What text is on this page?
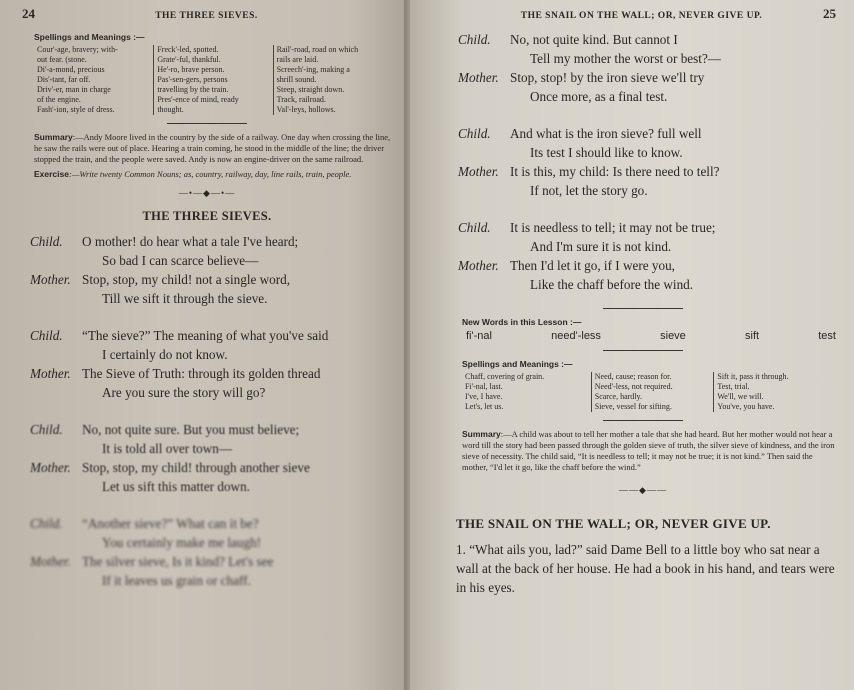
24	THE THREE SIEVES.
Spellings and Meanings :—
Cour'-age, bravery; with-
out fear. (stone.
Di'-a-mond, precious
Dis'-tant, far off.
Driv'-er, man in charge
of the engine.
Fash'-ion, style of dress.
Freck'-led, spotted.
Grate'-ful, thankful.
He'-ro, brave person.
Pas'-sen-gers, persons
travelling by the train.
Pres'-ence of mind, ready
thought.
Rail'-road, road on which
rails are laid.
Screech'-ing, making a
shrill sound.
Steep, straight down.
Track, railroad.
Val'-leys, hollows.
Summary:—Andy Moore lived in the country by the side of a railway. One day when crossing the line, he saw the rails were out of place. Hearing a train coming, he stood in the middle of the line; the driver stopped the train, and the people were saved. Andy is now an engine-driver on the same railroad.
Exercise:—Write twenty Common Nouns; as, country, railway, day, line rails, train, people.
—•—◆—•—
THE THREE SIEVES.
Child. O mother! do hear what a tale I've heard;
So bad I can scarce believe—
Mother. Stop, stop, my child! not a single word,
Till we sift it through the sieve.
Child. “The sieve?” The meaning of what you've said
I certainly do not know.
Mother. The Sieve of Truth: through its golden thread
Are you sure the story will go?
Child. No, not quite sure. But you must believe;
It is told all over town—
Mother. Stop, stop, my child! through another sieve
Let us sift this matter down.
Child. “Another sieve?” What can it be?
You certainly make me laugh!
Mother. The silver sieve, Is it kind? Let's see
If it leaves us grain or chaff.
THE SNAIL ON THE WALL; OR, NEVER GIVE UP.	25
Child. No, not quite kind. But cannot I
Tell my mother the worst or best?—
Mother. Stop, stop! by the iron sieve we'll try
Once more, as a final test.
Child. And what is the iron sieve? full well
Its test I should like to know.
Mother. It is this, my child: Is there need to tell?
If not, let the story go.
Child. It is needless to tell; it may not be true;
And I'm sure it is not kind.
Mother. Then I'd let it go, if I were you,
Like the chaff before the wind.
New Words in this Lesson :—
fi'-nal	need'-less	sieve	sift	test
Spellings and Meanings :—
Chaff, covering of grain.
Fi'-nal, last.
I've, I have.
Let's, let us.
Need, cause; reason for.
Need'-less, not required.
Scarce, hardly.
Sieve, vessel for sifting.
Sift it, pass it through.
Test, trial.
We'll, we will.
You've, you have.
Summary:—A child was about to tell her mother a tale that she had heard. But her mother would not hear a word till the story had been passed through the golden sieve of truth, the silver sieve of kindness, and the iron sieve of necessity. The child said, “It is needless to tell; it may not be true; it is not kind.” Then said the mother, “I'd let it go, like the chaff before the wind.”
——◆——
THE SNAIL ON THE WALL; OR, NEVER GIVE UP.
1. “What ails you, lad?” said Dame Bell to a little boy who sat near a wall at the back of her house. He had a book in his hand, and tears were in his eyes.
